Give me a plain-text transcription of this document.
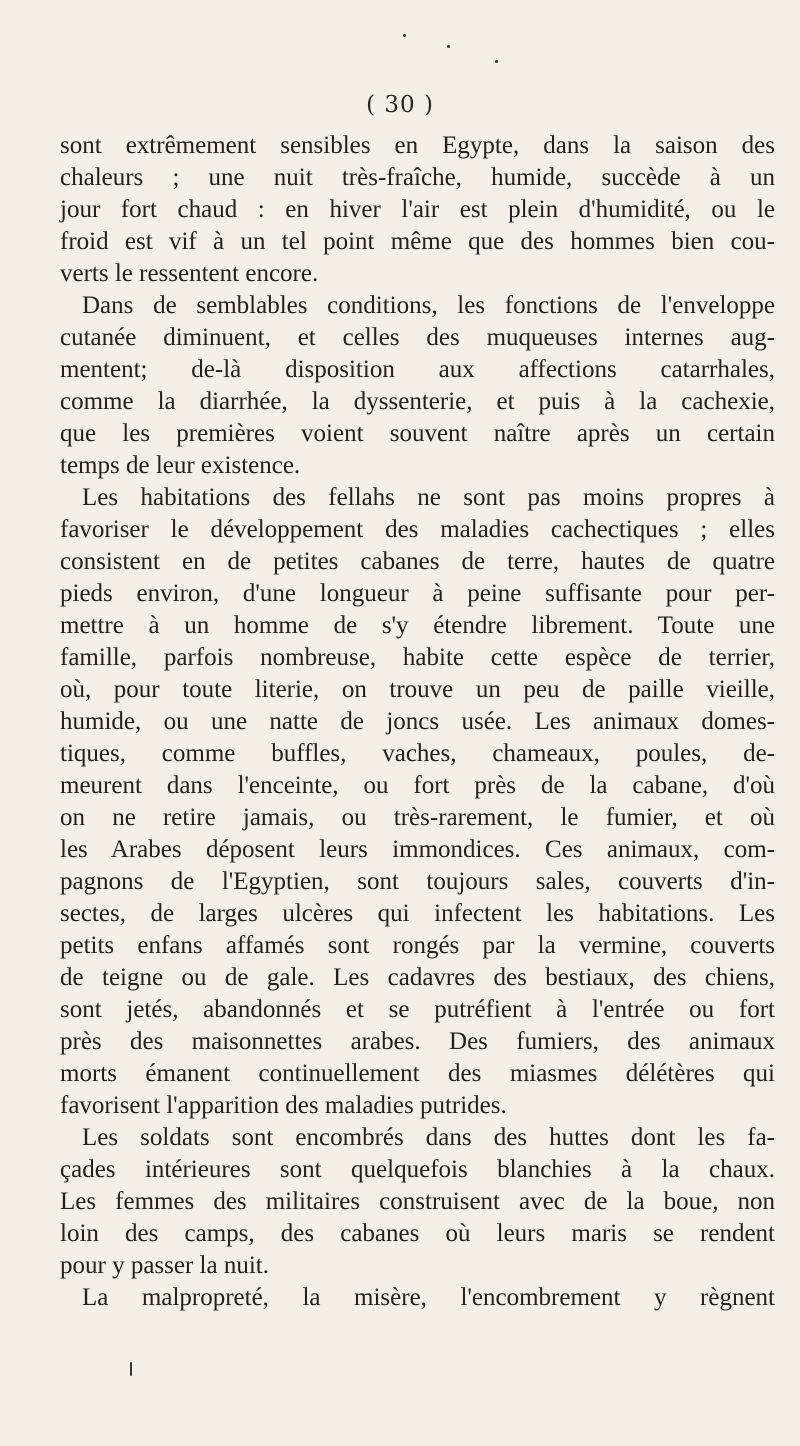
( 30 )

sont extrêmement sensibles en Egypte, dans la saison des

chaleurs ; une nuit très-fraîche, humide, succède à un

jour fort chaud : en hiver l'air est plein d'humidité, ou le

froid est vif à un tel point même que des hommes bien cou-

verts le ressentent encore.

Dans de semblables conditions, les fonctions de l'enveloppe

cutanée diminuent, et celles des muqueuses internes aug-

mentent; de-là disposition aux affections catarrhales,

comme la diarrhée, la dyssenterie, et puis à la cachexie,

que les premières voient souvent naître après un certain

temps de leur existence.

Les habitations des fellahs ne sont pas moins propres à

favoriser le développement des maladies cachectiques ; elles

consistent en de petites cabanes de terre, hautes de quatre

pieds environ, d'une longueur à peine suffisante pour per-

mettre à un homme de s'y étendre librement. Toute une

famille, parfois nombreuse, habite cette espèce de terrier,

où, pour toute literie, on trouve un peu de paille vieille,

humide, ou une natte de joncs usée. Les animaux domes-

tiques, comme buffles, vaches, chameaux, poules, de-

meurent dans l'enceinte, ou fort près de la cabane, d'où

on ne retire jamais, ou très-rarement, le fumier, et où

les Arabes déposent leurs immondices. Ces animaux, com-

pagnons de l'Egyptien, sont toujours sales, couverts d'in-

sectes, de larges ulcères qui infectent les habitations. Les

petits enfans affamés sont rongés par la vermine, couverts

de teigne ou de gale. Les cadavres des bestiaux, des chiens,

sont jetés, abandonnés et se putréfient à l'entrée ou fort

près des maisonnettes arabes. Des fumiers, des animaux

morts émanent continuellement des miasmes délétères qui

favorisent l'apparition des maladies putrides.

Les soldats sont encombrés dans des huttes dont les fa-

çades intérieures sont quelquefois blanchies à la chaux.

Les femmes des militaires construisent avec de la boue, non

loin des camps, des cabanes où leurs maris se rendent

pour y passer la nuit.

La malpropreté, la misère, l'encombrement y règnent
